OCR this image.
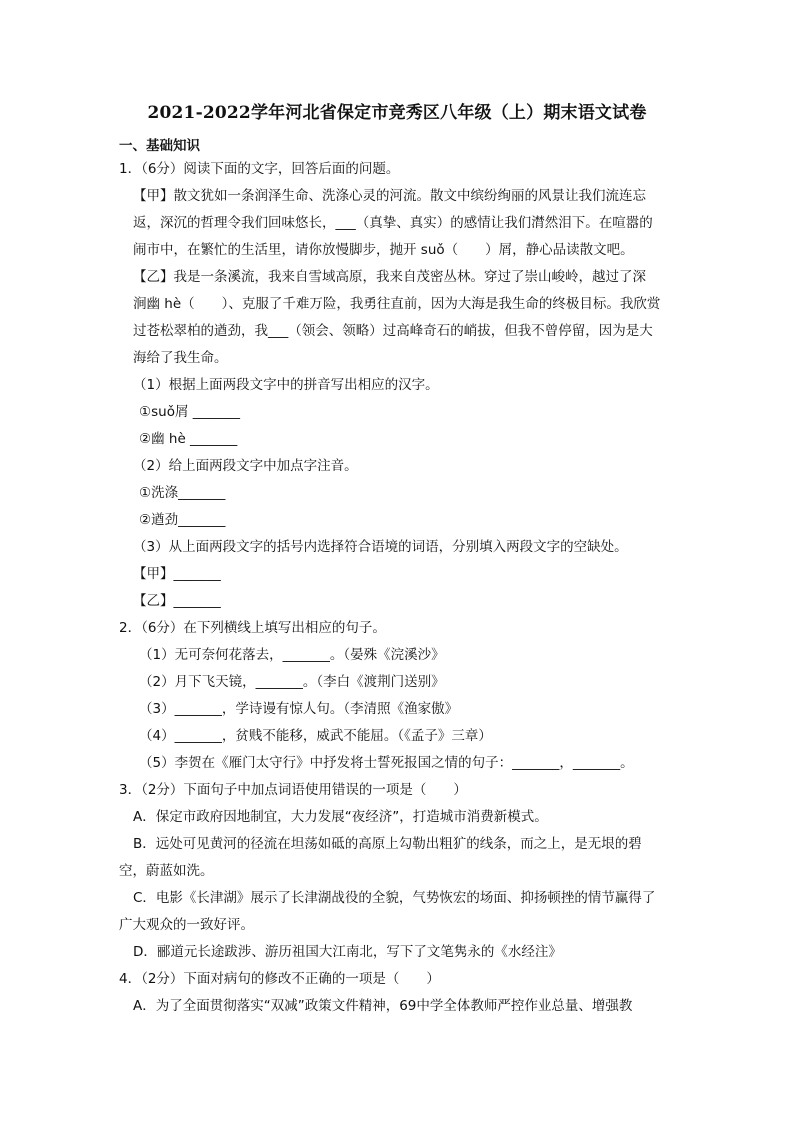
2021-2022学年河北省保定市竞秀区八年级（上）期末语文试卷
一、基础知识
1．（6分）阅读下面的文字，回答后面的问题。
【甲】散文犹如一条润泽生命、洗涤心灵的河流。散文中缤纷绚丽的风景让我们流连忘
返，深沉的哲理令我们回味悠长，___（真挚、真实）的感情让我们潸然泪下。在喧嚣的
闹市中，在繁忙的生活里，请你放慢脚步，抛开 suǒ（　　）屑，静心品读散文吧。
【乙】我是一条溪流，我来自雪域高原，我来自茂密丛林。穿过了崇山峻岭，越过了深
涧幽 hè（　　）、克服了千难万险，我勇往直前，因为大海是我生命的终极目标。我欣赏
过苍松翠柏的遒劲，我___（领会、领略）过高峰奇石的峭拔，但我不曾停留，因为是大
海给了我生命。
（1）根据上面两段文字中的拼音写出相应的汉字。
①suǒ屑 _______
②幽 hè _______
（2）给上面两段文字中加点字注音。
①洗涤_______
②遒劲_______
（3）从上面两段文字的括号内选择符合语境的词语，分别填入两段文字的空缺处。
【甲】_______
【乙】_______
2．（6分）在下列横线上填写出相应的句子。
（1）无可奈何花落去，_______。（晏殊《浣溪沙》
（2）月下飞天镜，_______。（李白《渡荆门送别》
（3）_______，学诗谩有惊人句。（李清照《渔家傲》
（4）_______，贫贱不能移，威武不能屈。（《孟子》三章）
（5）李贺在《雁门太守行》中抒发将士誓死报国之情的句子：_______，_______。
3．（2分）下面句子中加点词语使用错误的一项是（　　）
A．保定市政府因地制宜，大力发展“夜经济”，打造城市消费新模式。
B．远处可见黄河的径流在坦荡如砥的高原上勾勒出粗犷的线条，而之上，是无垠的碧
空，蔚蓝如洗。
C．电影《长津湖》展示了长津湖战役的全貌，气势恢宏的场面、抑扬顿挫的情节赢得了
广大观众的一致好评。
D．郦道元长途跋涉、游历祖国大江南北，写下了文笔隽永的《水经注》
4．（2分）下面对病句的修改不正确的一项是（　　）
A．为了全面贯彻落实“双减”政策文件精神，69中学全体教师严控作业总量、增强教
